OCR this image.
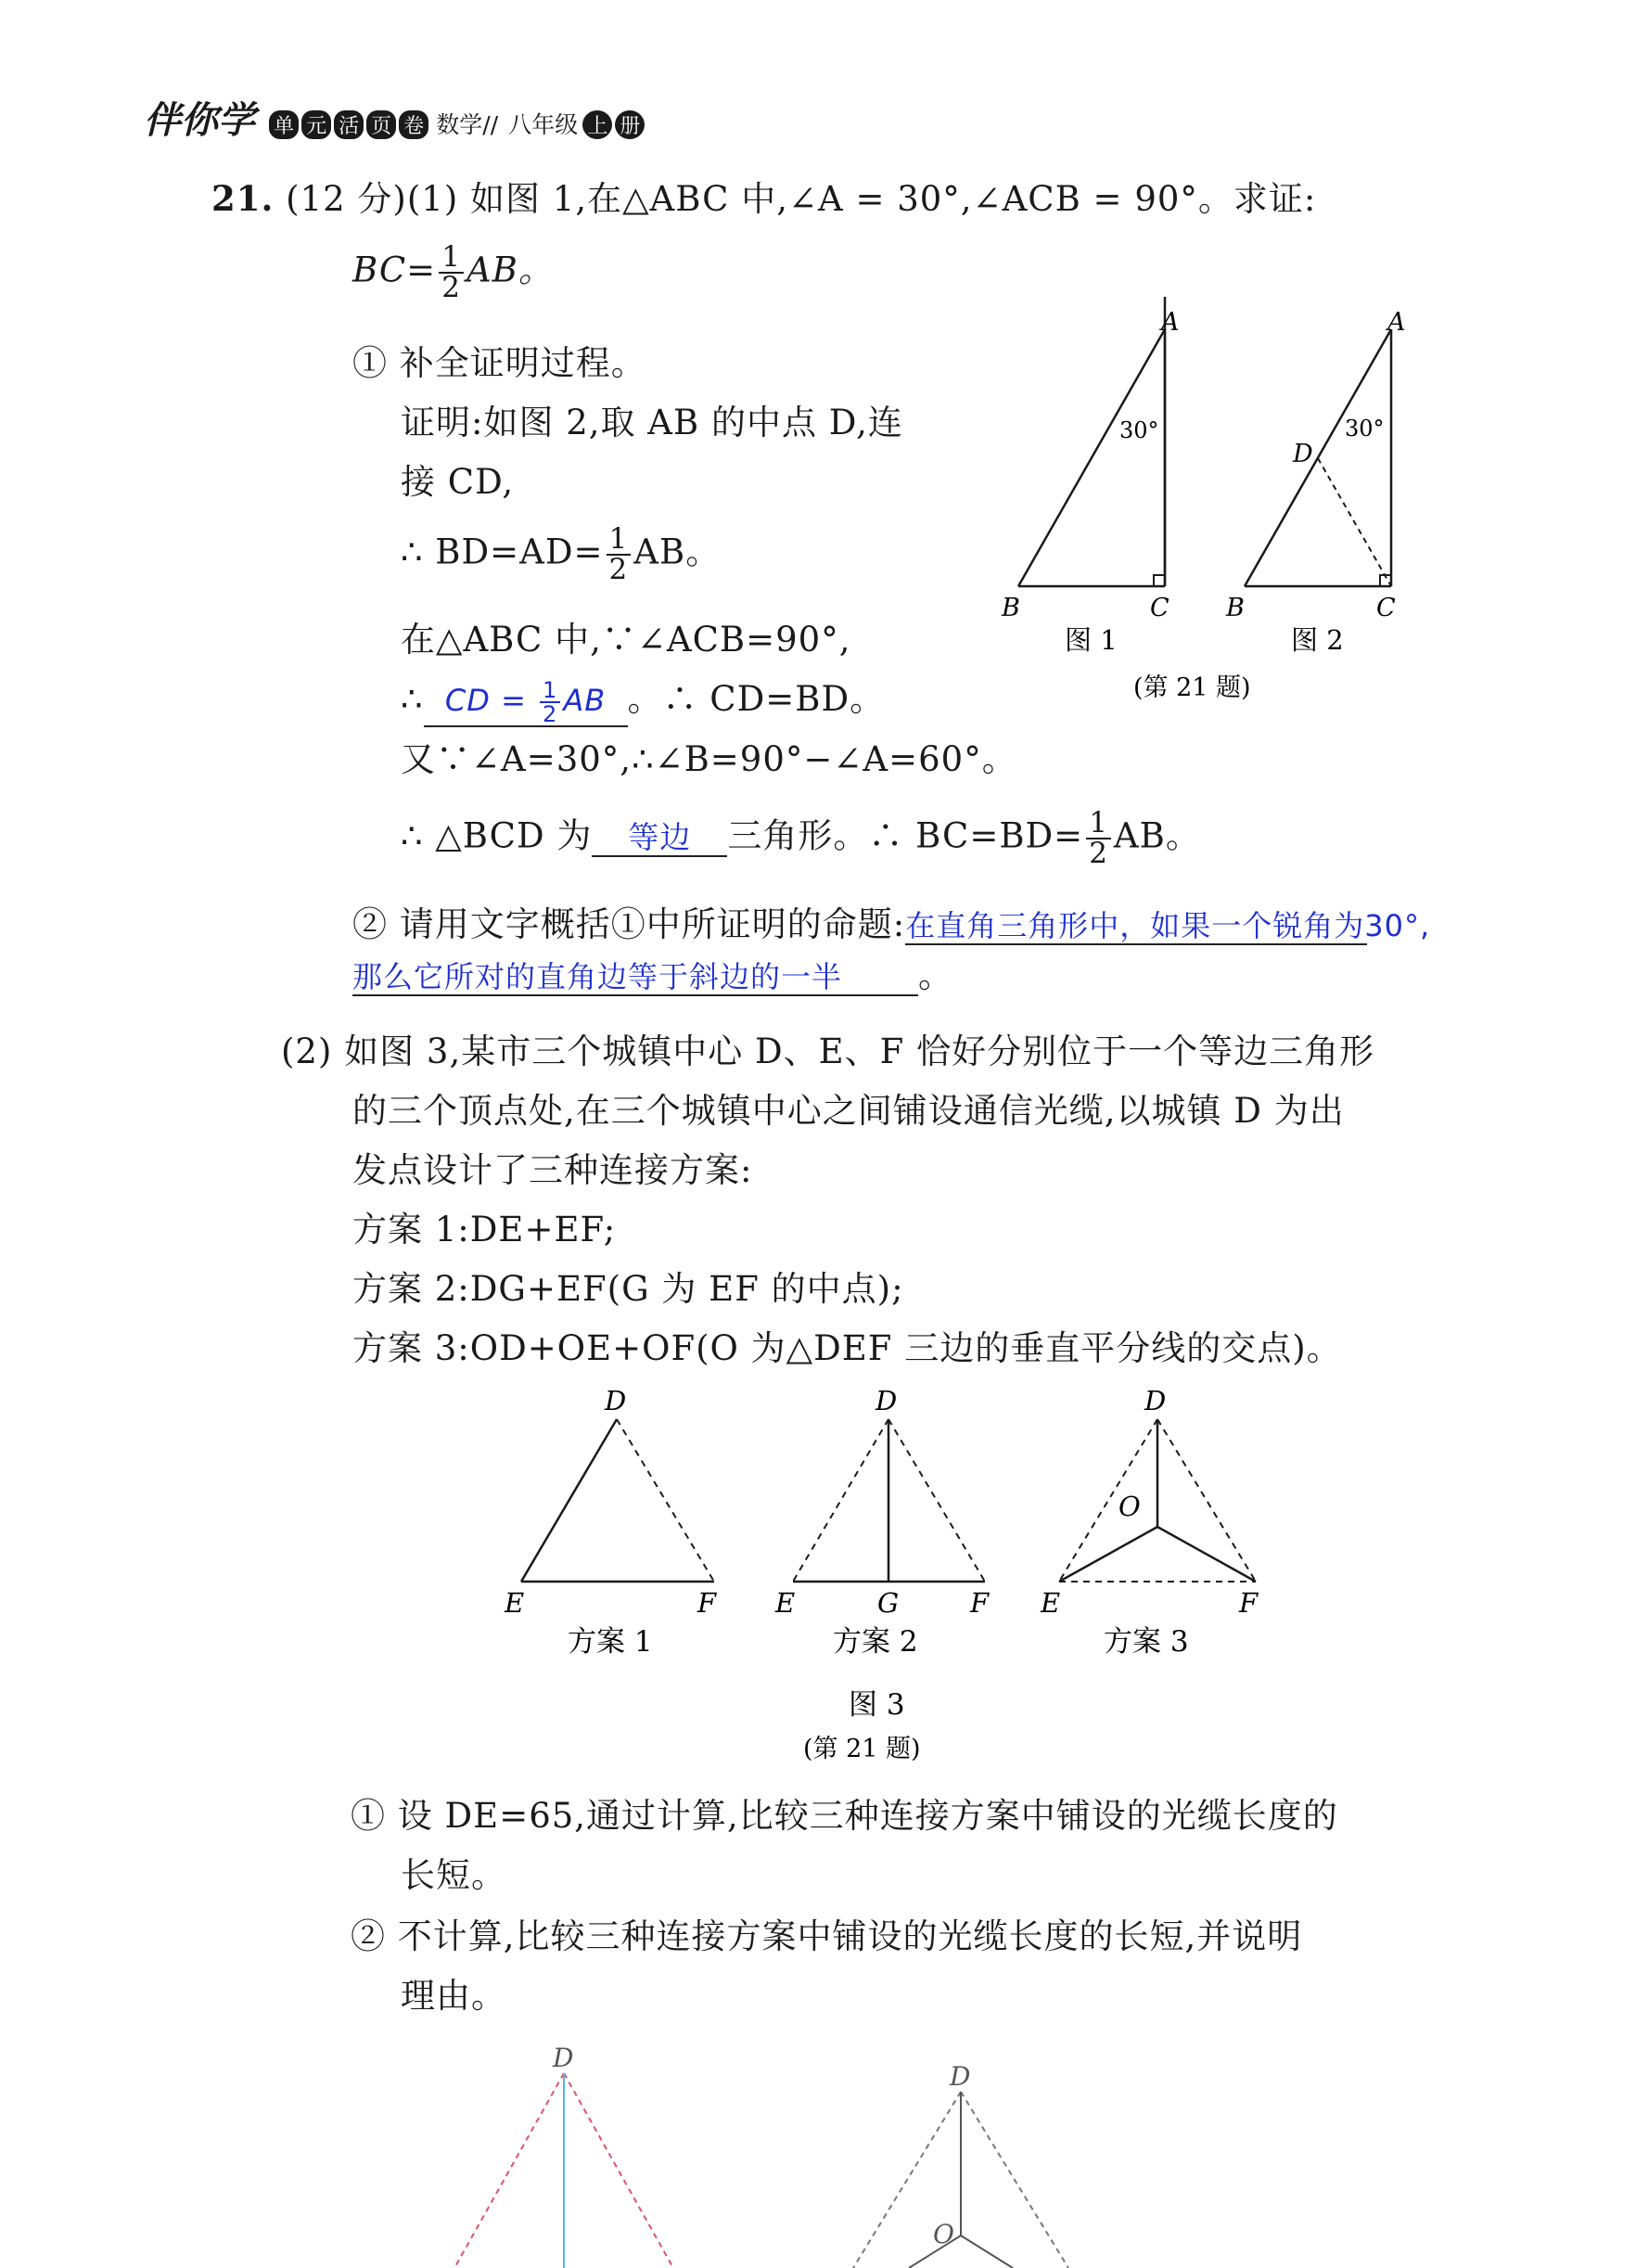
伴你学 单 元 活 页 卷 数学// 八年级 上 册
21. (12 分)(1) 如图 1,在△ABC 中,∠A = 30°,∠ACB = 90°。求证:
$BC= \frac{1}{2}$ AB。
① 补全证明过程。
证明:如图 2,取 AB 的中点 D,连
接 CD,
∴ $BD=AD= \frac{1}{2}$ AB。
在△ABC 中,∵∠ACB=90°,
∴ CD = $\frac{1}{2}$ AB 。∴ CD=BD。
又∵∠A=30°,∴∠B=90°−∠A=60°。
∴ △BCD 为 等边 三角形。∴ $BC=BD= \frac{1}{2}$ AB。
② 请用文字概括①中所证明的命题:在直角三角形中，如果一个锐角为30°,
那么它所对的直角边等于斜边的一半 。
A
B	C
30°
图 1
A
B	C
D
30°
图 2
(第 21 题)
(2) 如图 3,某市三个城镇中心 D、E、F 恰好分别位于一个等边三角形
的三个顶点处,在三个城镇中心之间铺设通信光缆,以城镇 D 为出
发点设计了三种连接方案:
方案 1:DE+EF;
方案 2:DG+EF(G 为 EF 的中点);
方案 3:OD+OE+OF(O 为△DEF 三边的垂直平分线的交点)。
D
E	F
方案 1
D
E	G	F
方案 2
D
O
E	F
方案 3
图 3
(第 21 题)
① 设 DE=65,通过计算,比较三种连接方案中铺设的光缆长度的
长短。
② 不计算,比较三种连接方案中铺设的光缆长度的长短,并说明
理由。
D
D
O
